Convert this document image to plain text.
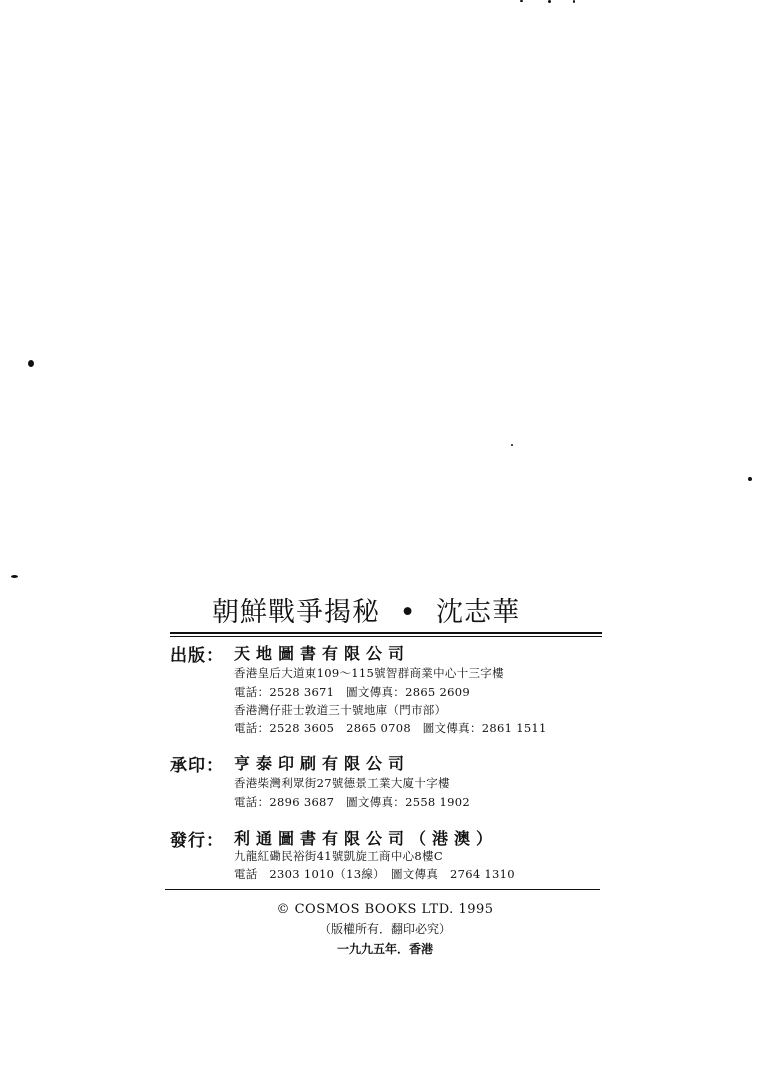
朝鮮戰爭揭秘 • 沈志華
出版： 天地圖書有限公司
香港皇后大道東109～115號智群商業中心十三字樓
電話：2528 3671　圖文傳真：2865 2609
香港灣仔莊士敦道三十號地庫（門市部）
電話：2528 3605　2865 0708　圖文傳真：2861 1511
承印： 亨泰印刷有限公司
香港柴灣利眾街27號德景工業大廈十字樓
電話：2896 3687　圖文傳真：2558 1902
發行： 利通圖書有限公司（港澳）
九龍紅磡民裕街41號凱旋工商中心8樓C
電話　2303 1010（13線）　圖文傳真　2764 1310
© COSMOS BOOKS LTD. 1995
（版權所有．翻印必究）
一九九五年．香港
